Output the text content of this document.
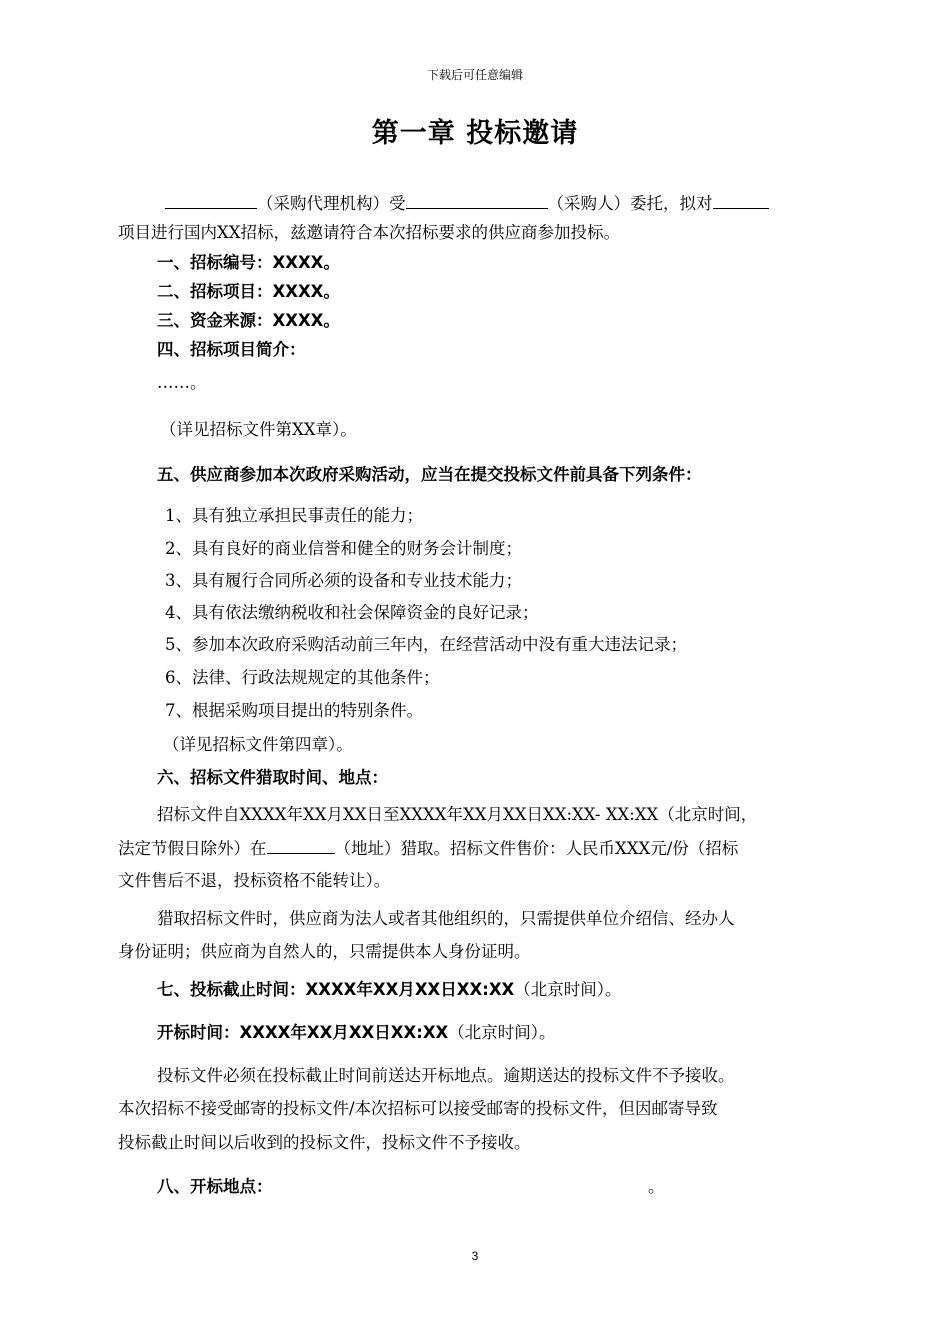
下载后可任意编辑
第一章 投标邀请
（采购代理机构）受	（采购人）委托，拟对
项目进行国内XX招标，兹邀请符合本次招标要求的供应商参加投标。
一、招标编号：XXXX。
二、招标项目：XXXX。
三、资金来源：XXXX。
四、招标项目简介：
……。
（详见招标文件第XX章）。
五、供应商参加本次政府采购活动，应当在提交投标文件前具备下列条件：
1、具有独立承担民事责任的能力；
2、具有良好的商业信誉和健全的财务会计制度；
3、具有履行合同所必须的设备和专业技术能力；
4、具有依法缴纳税收和社会保障资金的良好记录；
5、参加本次政府采购活动前三年内，在经营活动中没有重大违法记录；
6、法律、行政法规规定的其他条件；
7、根据采购项目提出的特别条件。
（详见招标文件第四章）。
六、招标文件猎取时间、地点：
招标文件自XXXX年XX月XX日至XXXX年XX月XX日XX:XX- XX:XX（北京时间，
法定节假日除外）在	（地址）猎取。招标文件售价：人民币XXX元/份（招标
文件售后不退，投标资格不能转让）。
猎取招标文件时，供应商为法人或者其他组织的，只需提供单位介绍信、经办人
身份证明；供应商为自然人的，只需提供本人身份证明。
七、投标截止时间：XXXX年XX月XX日XX:XX（北京时间）。
开标时间：XXXX年XX月XX日XX:XX（北京时间）。
投标文件必须在投标截止时间前送达开标地点。逾期送达的投标文件不予接收。
本次招标不接受邮寄的投标文件/本次招标可以接受邮寄的投标文件，但因邮寄导致
投标截止时间以后收到的投标文件，投标文件不予接收。
八、开标地点：	。
3
